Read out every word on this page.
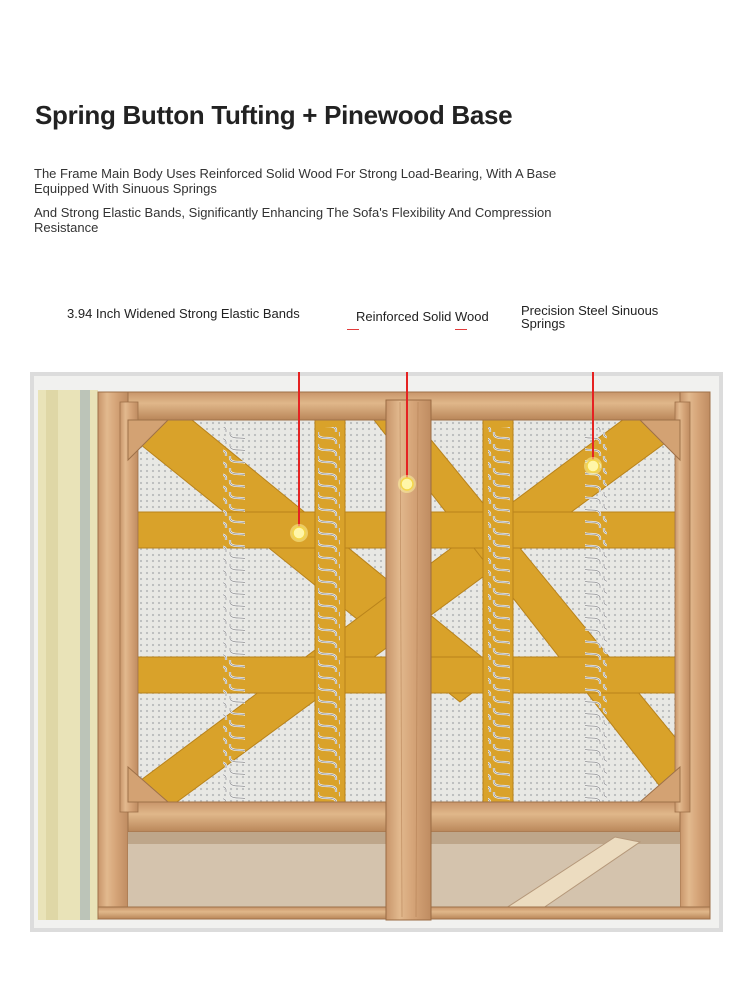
Spring Button Tufting + Pinewood Base
The Frame Main Body Uses Reinforced Solid Wood For Strong Load-Bearing, With A Base Equipped With Sinuous Springs
And Strong Elastic Bands, Significantly Enhancing The Sofa's Flexibility And Compression Resistance
3.94 Inch Widened Strong Elastic Bands	Reinforced Solid Wood Precision Steel Sinuous Springs
